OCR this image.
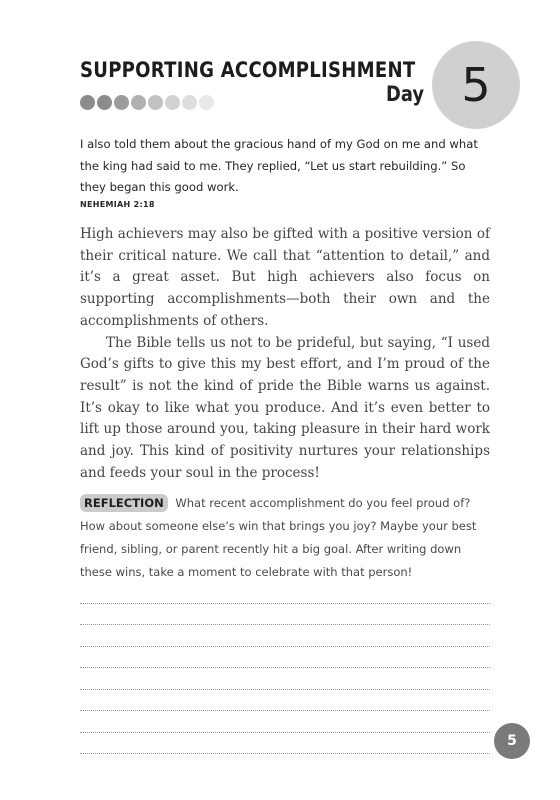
SUPPORTING ACCOMPLISHMENT
Day 5
I also told them about the gracious hand of my God on me and what the king had said to me. They replied, “Let us start rebuilding.” So they began this good work.
NEHEMIAH 2:18

High achievers may also be gifted with a positive version of their critical nature. We call that “attention to detail,” and it’s a great asset. But high achievers also focus on supporting accomplishments—both their own and the accomplishments of others.

The Bible tells us not to be prideful, but saying, “I used God’s gifts to give this my best effort, and I’m proud of the result” is not the kind of pride the Bible warns us against. It’s okay to like what you produce. And it’s even better to lift up those around you, taking pleasure in their hard work and joy. This kind of positivity nurtures your relationships and feeds your soul in the process!

REFLECTION What recent accomplishment do you feel proud of? How about someone else’s win that brings you joy? Maybe your best friend, sibling, or parent recently hit a big goal. After writing down these wins, take a moment to celebrate with that person!
5
